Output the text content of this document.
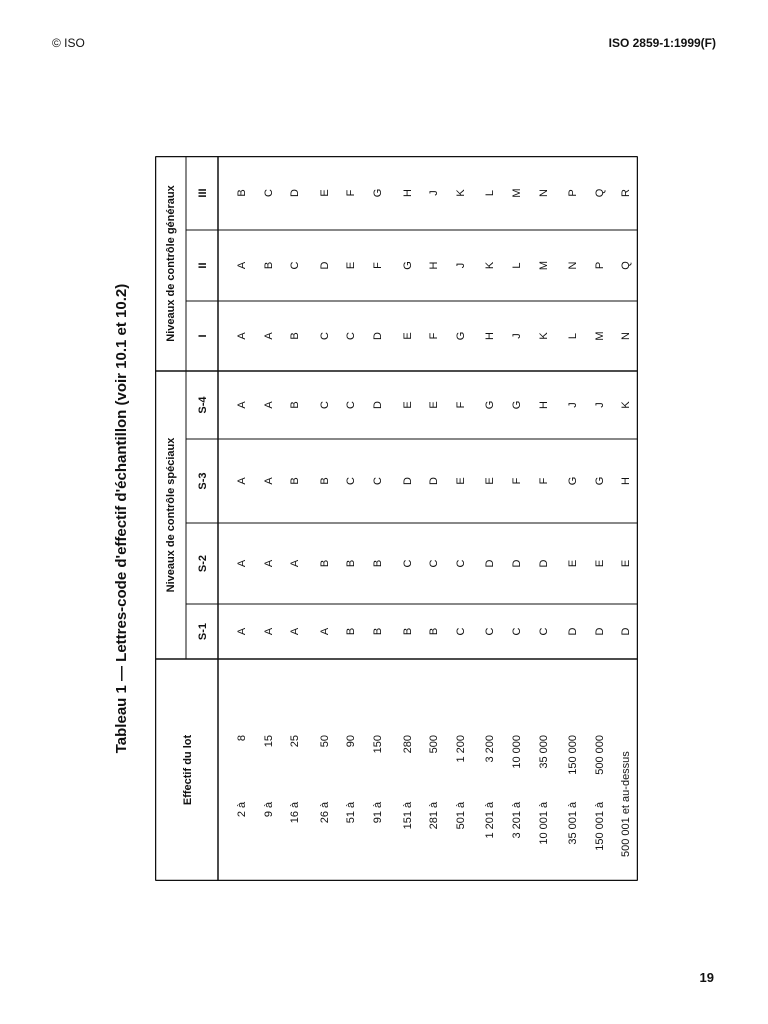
© ISO	ISO 2859-1:1999(F)
Tableau 1 — Lettres-code d'effectif d'échantillon (voir 10.1 et 10.2)
Effectif du lot
Niveaux de contrôle spéciaux
Niveaux de contrôle généraux
S-1
S-2
S-3
S-4
I
II
III
2
à
8
A
A
A
A
A
A
B
9
à
15
A
A
A
A
A
B
C
16
à
25
A
A
B
B
B
C
D
26
à
50
A
B
B
C
C
D
E
51
à
90
B
B
C
C
C
E
F
91
à
150
B
B
C
D
D
F
G
151
à
280
B
C
D
E
E
G
H
281
à
500
B
C
D
E
F
H
J
501
à
1 200
C
C
E
F
G
J
K
1 201
à
3 200
C
D
E
G
H
K
L
3 201
à
10 000
C
D
F
G
J
L
M
10 001
à
35 000
C
D
F
H
K
M
N
35 001
à
150 000
D
E
G
J
L
N
P
150 001
à
500 000
D
E
G
J
M
P
Q
500 001 et au-dessus
D
E
H
K
N
Q
R
19
